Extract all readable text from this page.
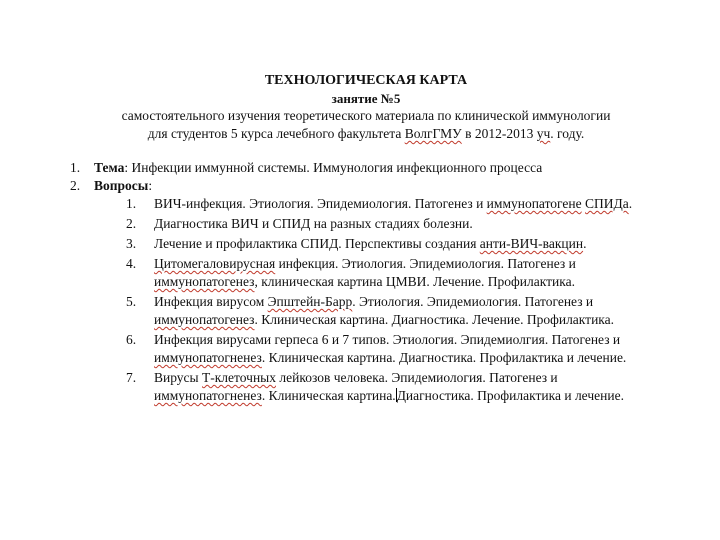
ТЕХНОЛОГИЧЕСКАЯ КАРТА

занятие №5

самостоятельного изучения теоретического материала по клинической иммунологии

для студентов 5 курса лечебного факультета ВолгГМУ в 2012-2013 уч. году.

1. Тема: Инфекции иммунной системы. Иммунология инфекционного процесса
2. Вопросы:
1. ВИЧ-инфекция. Этиология. Эпидемиология. Патогенез и иммунопатогене СПИДа.
2. Диагностика ВИЧ и СПИД на разных стадиях болезни.
3. Лечение и профилактика СПИД. Перспективы создания анти-ВИЧ-вакцин.
4. Цитомегаловирусная инфекция. Этиология. Эпидемиология. Патогенез и иммунопатогенез, клиническая картина ЦМВИ. Лечение. Профилактика.
5. Инфекция вирусом Эпштейн-Барр. Этиология. Эпидемиология. Патогенез и иммунопатогенез. Клиническая картина. Диагностика. Лечение. Профилактика.
6. Инфекция вирусами герпеса 6 и 7 типов. Этиология. Эпидемиолгия. Патогенез и иммунопатогненез. Клиническая картина. Диагностика. Профилактика и лечение.
7. Вирусы Т-клеточных лейкозов человека. Эпидемиология. Патогенез и иммунопатогненез. Клиническая картина.Диагностика. Профилактика и лечение.
